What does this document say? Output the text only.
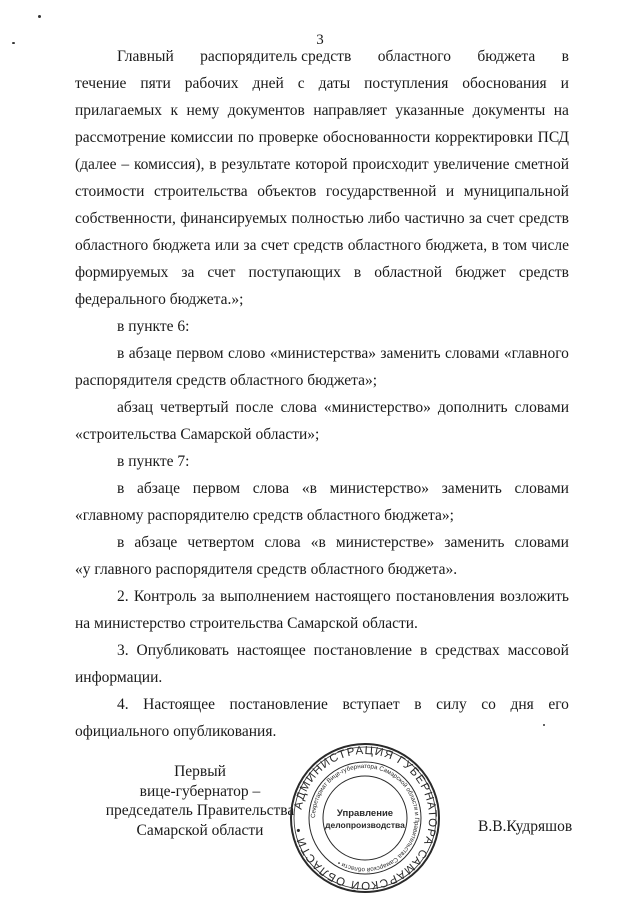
3
Главный распорядитель средств областного бюджета в
течение пяти рабочих дней с даты поступления обоснования и
прилагаемых к нему документов направляет указанные документы на
рассмотрение комиссии по проверке обоснованности корректировки ПСД
(далее – комиссия), в результате которой происходит увеличение сметной
стоимости строительства объектов государственной и муниципальной
собственности, финансируемых полностью либо частично за счет средств
областного бюджета или за счет средств областного бюджета, в том числе
формируемых за счет поступающих в областной бюджет средств
федерального бюджета.»;
в пункте 6:
в абзаце первом слово «министерства» заменить словами «главного
распорядителя средств областного бюджета»;
абзац четвертый после слова «министерство» дополнить словами
«строительства Самарской области»;
в пункте 7:
в абзаце первом слова «в министерство» заменить словами
«главному распорядителю средств областного бюджета»;
в абзаце четвертом слова «в министерстве» заменить словами
«у главного распорядителя средств областного бюджета».
2. Контроль за выполнением настоящего постановления возложить
на министерство строительства Самарской области.
3. Опубликовать настоящее постановление в средствах массовой
информации.
4. Настоящее постановление вступает в силу со дня его
официального опубликования.
Первый
вице-губернатор –
председатель Правительства
Самарской области
АДМИНИСТРАЦИЯ ГУБЕРНАТОРА САМАРСКОЙ ОБЛАСТИ •
Секретариат Вице-губернатора Самарской области и Правительства Самарской области •
Управление
делопроизводства	В.В.Кудряшов
